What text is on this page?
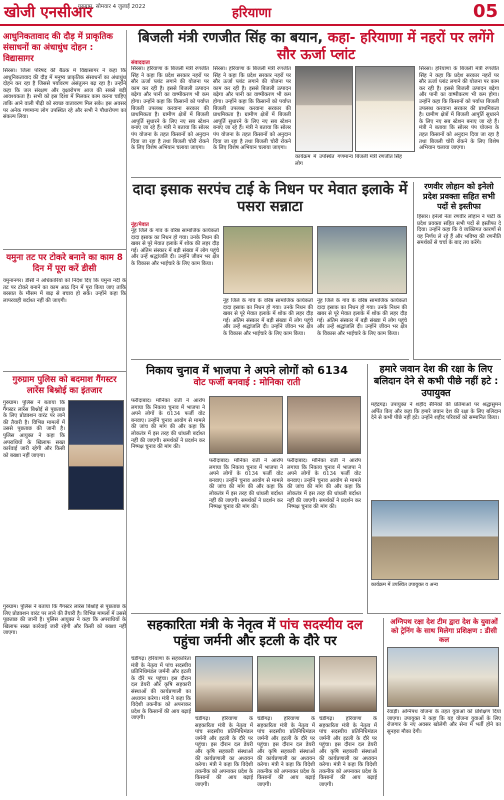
खोजी एनसीआर
गुरुग्राम, सोमवार 4 जुलाई 2022	हरियाणा	05
आधुनिकतावाद की दौड़ में प्राकृतिक संसाधनों का अंधाधुंध दोहन : विद्यासागर
सिरसा। जिला परिषद की बैठक में विद्यासागर ने कहा कि आधुनिकतावाद की दौड़ में मनुष्य प्राकृतिक संसाधनों का अंधाधुंध दोहन कर रहा है जिससे पर्यावरण असंतुलन बढ़ रहा है। उन्होंने कहा कि जल संरक्षण और वृक्षारोपण आज की सबसे बड़ी आवश्यकता है। सभी को इस दिशा में मिलकर काम करना चाहिए ताकि आने वाली पीढ़ी को स्वच्छ वातावरण मिल सके। इस अवसर पर अनेक गणमान्य लोग उपस्थित रहे और सभी ने पौधारोपण का संकल्प लिया।
यमुना तट पर टोकरे बनाने का काम 8 दिन में पूरा करें डीसी
यमुनानगर। डीसी ने अधिकारियों को निर्देश दिए कि यमुना नदी के तट पर टोकरे बनाने का काम आठ दिन में पूरा किया जाए ताकि बरसात के मौसम में बाढ़ से बचाव हो सके। उन्होंने कहा कि लापरवाही बर्दाश्त नहीं की जाएगी।
गुरुग्राम पुलिस को बदमाश गैंगस्टर लारेंस बिश्नोई का इंतजार
गुरुग्राम। पुलिस ने बताया कि गैंगस्टर लारेंस बिश्नोई से पूछताछ के लिए प्रोडक्शन वारंट पर लाने की तैयारी है। विभिन्न मामलों में उससे पूछताछ की जानी है। पुलिस आयुक्त ने कहा कि अपराधियों के खिलाफ सख्त कार्रवाई जारी रहेगी और किसी को बख्शा नहीं जाएगा।
गुरुग्राम। पुलिस ने बताया कि गैंगस्टर लारेंस बिश्नोई से पूछताछ के लिए प्रोडक्शन वारंट पर लाने की तैयारी है। विभिन्न मामलों में उससे पूछताछ की जानी है। पुलिस आयुक्त ने कहा कि अपराधियों के खिलाफ सख्त कार्रवाई जारी रहेगी और किसी को बख्शा नहीं जाएगा।
बिजली मंत्री रणजीत सिंह का बयान, कहा- हरियाणा में नहरों पर लगेंगे सौर ऊर्जा प्लांट
सिरसा। हरियाणा के बिजली मंत्री रणजीत सिंह ने कहा कि प्रदेश सरकार नहरों पर सौर ऊर्जा प्लांट लगाने की योजना पर काम कर रही है। इससे बिजली उत्पादन बढ़ेगा और पानी का वाष्पीकरण भी कम होगा। उन्होंने कहा कि किसानों को पर्याप्त बिजली उपलब्ध करवाना सरकार की प्राथमिकता है। ग्रामीण क्षेत्रों में बिजली आपूर्ति सुधारने के लिए नए सब स्टेशन बनाए जा रहे हैं। मंत्री ने बताया कि सोलर पंप योजना के तहत किसानों को अनुदान दिया जा रहा है तथा बिजली चोरी रोकने के लिए विशेष अभियान चलाया जाएगा।
सिरसा। हरियाणा के बिजली मंत्री रणजीत सिंह ने कहा कि प्रदेश सरकार नहरों पर सौर ऊर्जा प्लांट लगाने की योजना पर काम कर रही है। इससे बिजली उत्पादन बढ़ेगा और पानी का वाष्पीकरण भी कम होगा। उन्होंने कहा कि किसानों को पर्याप्त बिजली उपलब्ध करवाना सरकार की प्राथमिकता है। ग्रामीण क्षेत्रों में बिजली आपूर्ति सुधारने के लिए नए सब स्टेशन बनाए जा रहे हैं। मंत्री ने बताया कि सोलर पंप योजना के तहत किसानों को अनुदान दिया जा रहा है तथा बिजली चोरी रोकने के लिए विशेष अभियान चलाया जाएगा।
कार्यक्रम में उपस्थित गणमान्य लोग
बिजली मंत्री रणजीत सिंह
सिरसा। हरियाणा के बिजली मंत्री रणजीत सिंह ने कहा कि प्रदेश सरकार नहरों पर सौर ऊर्जा प्लांट लगाने की योजना पर काम कर रही है। इससे बिजली उत्पादन बढ़ेगा और पानी का वाष्पीकरण भी कम होगा। उन्होंने कहा कि किसानों को पर्याप्त बिजली उपलब्ध करवाना सरकार की प्राथमिकता है। ग्रामीण क्षेत्रों में बिजली आपूर्ति सुधारने के लिए नए सब स्टेशन बनाए जा रहे हैं। मंत्री ने बताया कि सोलर पंप योजना के तहत किसानों को अनुदान दिया जा रहा है तथा बिजली चोरी रोकने के लिए विशेष अभियान चलाया जाएगा।
संवाददाता
दादा इसाक सरपंच टाई के निधन पर मेवात इलाके में पसरा सन्नाटा
नूंह/मेवात
नूंह जिले के गांव के वरिष्ठ सामाजिक कार्यकर्ता दादा इसाक का निधन हो गया। उनके निधन की खबर से पूरे मेवात इलाके में शोक की लहर दौड़ गई। अंतिम संस्कार में बड़ी संख्या में लोग पहुंचे और उन्हें श्रद्धांजलि दी। उन्होंने जीवन भर क्षेत्र के विकास और भाईचारे के लिए काम किया।
नूंह जिले के गांव के वरिष्ठ सामाजिक कार्यकर्ता दादा इसाक का निधन हो गया। उनके निधन की खबर से पूरे मेवात इलाके में शोक की लहर दौड़ गई। अंतिम संस्कार में बड़ी संख्या में लोग पहुंचे और उन्हें श्रद्धांजलि दी। उन्होंने जीवन भर क्षेत्र के विकास और भाईचारे के लिए काम किया।
नूंह जिले के गांव के वरिष्ठ सामाजिक कार्यकर्ता दादा इसाक का निधन हो गया। उनके निधन की खबर से पूरे मेवात इलाके में शोक की लहर दौड़ गई। अंतिम संस्कार में बड़ी संख्या में लोग पहुंचे और उन्हें श्रद्धांजलि दी। उन्होंने जीवन भर क्षेत्र के विकास और भाईचारे के लिए काम किया।
रणवीर लोहान को इनेलो प्रदेश प्रवक्ता सहित सभी पदों से इस्तीफा
हिसार। इनेलो नेता रणवीर लोहान ने पार्टी के प्रदेश प्रवक्ता सहित सभी पदों से इस्तीफा दे दिया। उन्होंने कहा कि वे व्यक्तिगत कारणों से यह निर्णय ले रहे हैं और भविष्य की रणनीति समर्थकों से चर्चा के बाद तय करेंगे।
निकाय चुनाव में भाजपा ने अपने लोगों को 6134
वोट फर्जी बनवाई : मोनिका राती
फरीदाबाद। मोनिका राती ने आरोप लगाया कि निकाय चुनाव में भाजपा ने अपने लोगों के 6134 फर्जी वोट बनवाए। उन्होंने चुनाव आयोग से मामले की जांच की मांग की और कहा कि लोकतंत्र में इस तरह की धांधली बर्दाश्त नहीं की जाएगी। समर्थकों ने प्रदर्शन कर निष्पक्ष चुनाव की मांग की।
फरीदाबाद। मोनिका राती ने आरोप लगाया कि निकाय चुनाव में भाजपा ने अपने लोगों के 6134 फर्जी वोट बनवाए। उन्होंने चुनाव आयोग से मामले की जांच की मांग की और कहा कि लोकतंत्र में इस तरह की धांधली बर्दाश्त नहीं की जाएगी। समर्थकों ने प्रदर्शन कर निष्पक्ष चुनाव की मांग की।
फरीदाबाद। मोनिका राती ने आरोप लगाया कि निकाय चुनाव में भाजपा ने अपने लोगों के 6134 फर्जी वोट बनवाए। उन्होंने चुनाव आयोग से मामले की जांच की मांग की और कहा कि लोकतंत्र में इस तरह की धांधली बर्दाश्त नहीं की जाएगी। समर्थकों ने प्रदर्शन कर निष्पक्ष चुनाव की मांग की।
हमारे जवान देश की रक्षा के लिए बलिदान देने से कभी पीछे नहीं हटे : उपायुक्त
महेंद्रगढ़। उपायुक्त ने शहीद सैनिकों की प्रतिमाओं पर श्रद्धासुमन अर्पित किए और कहा कि हमारे जवान देश की रक्षा के लिए बलिदान देने से कभी पीछे नहीं हटे। उन्होंने शहीद परिवारों को सम्मानित किया।
कार्यक्रम में उपस्थित उपायुक्त व अन्य
सहकारिता मंत्री के नेतृत्व में पांच सदस्यीय दल
पहुंचा जर्मनी और इटली के दौरे पर
चंडीगढ़। हरियाणा के सहकारिता मंत्री के नेतृत्व में पांच सदस्यीय प्रतिनिधिमंडल जर्मनी और इटली के दौरे पर पहुंचा। इस दौरान दल डेयरी और कृषि सहकारी संस्थाओं की कार्यप्रणाली का अध्ययन करेगा। मंत्री ने कहा कि विदेशी तकनीक को अपनाकर प्रदेश के किसानों की आय बढ़ाई जाएगी।	चंडीगढ़। हरियाणा के सहकारिता मंत्री के नेतृत्व में पांच सदस्यीय प्रतिनिधिमंडल जर्मनी और इटली के दौरे पर पहुंचा। इस दौरान दल डेयरी और कृषि सहकारी संस्थाओं की कार्यप्रणाली का अध्ययन करेगा। मंत्री ने कहा कि विदेशी तकनीक को अपनाकर प्रदेश के किसानों की आय बढ़ाई जाएगी।
चंडीगढ़। हरियाणा के सहकारिता मंत्री के नेतृत्व में पांच सदस्यीय प्रतिनिधिमंडल जर्मनी और इटली के दौरे पर पहुंचा। इस दौरान दल डेयरी और कृषि सहकारी संस्थाओं की कार्यप्रणाली का अध्ययन करेगा। मंत्री ने कहा कि विदेशी तकनीक को अपनाकर प्रदेश के किसानों की आय बढ़ाई जाएगी।
चंडीगढ़। हरियाणा के सहकारिता मंत्री के नेतृत्व में पांच सदस्यीय प्रतिनिधिमंडल जर्मनी और इटली के दौरे पर पहुंचा। इस दौरान दल डेयरी और कृषि सहकारी संस्थाओं की कार्यप्रणाली का अध्ययन करेगा। मंत्री ने कहा कि विदेशी तकनीक को अपनाकर प्रदेश के किसानों की आय बढ़ाई जाएगी।
अग्निपथ रक्षा देश टीम द्वारा देश के युवाओं को ट्रेनिंग के साथ मिलेगा प्रशिक्षण : डीसी कल
रेवाड़ी। अग्निपथ योजना के तहत युवाओं को प्रशिक्षण दिया जाएगा। उपायुक्त ने कहा कि यह योजना युवाओं के लिए रोजगार के नए अवसर खोलेगी और सेना में भर्ती होने का सुनहरा मौका देगी।
